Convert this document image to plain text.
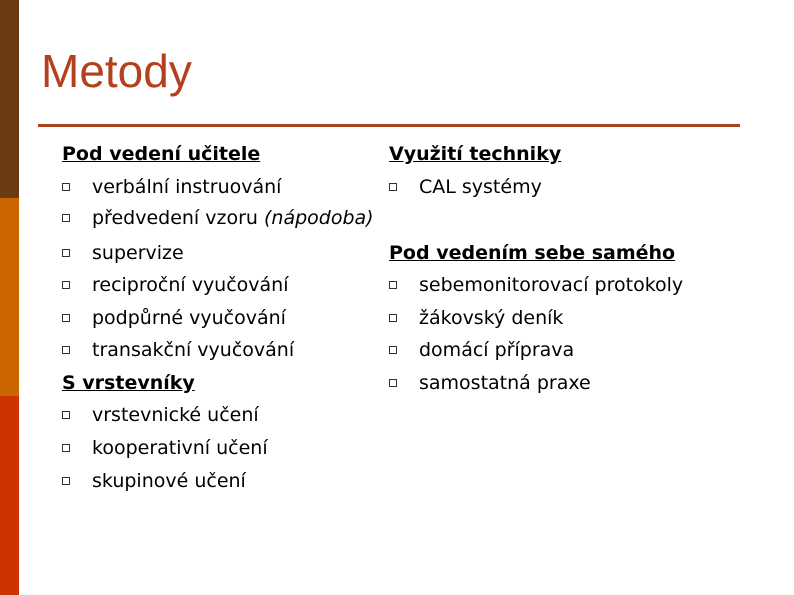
Metody
Pod vedení učitele
verbální instruování
předvedení vzoru (nápodoba)
supervize
reciproční vyučování
podpůrné vyučování
transakční vyučování
S vrstevníky
vrstevnické učení
kooperativní učení
skupinové učení
Využití techniky
CAL systémy
Pod vedením sebe samého
sebemonitorovací protokoly
žákovský deník
domácí příprava
samostatná praxe
